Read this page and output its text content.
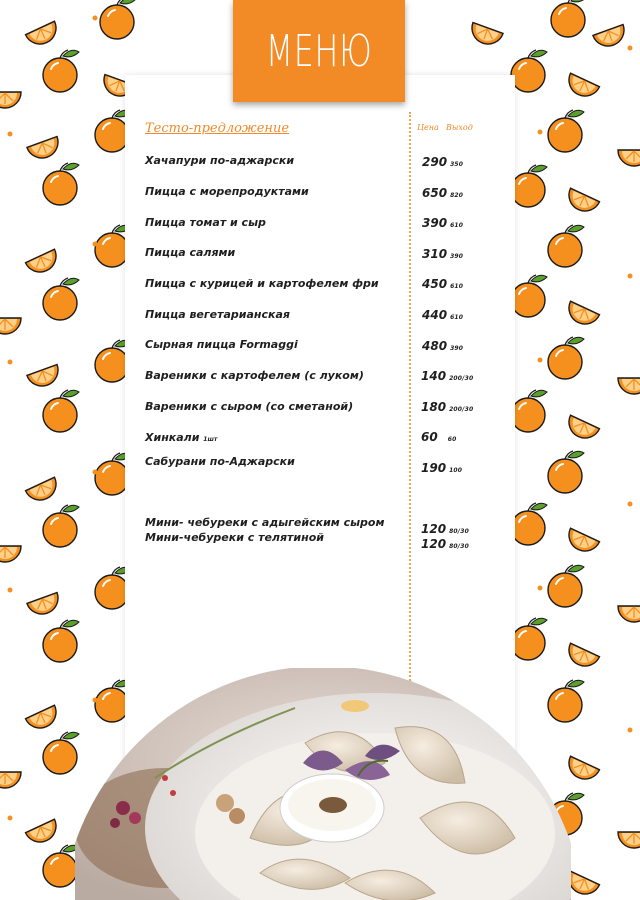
МЕНЮ
Тесто-предложение	Цена Выход
Хачапури по-аджарски	290 350
Пицца с морепродуктами	650 820
Пицца томат и сыр	390 610
Пицца салями	310 390
Пицца с курицей и картофелем фри	450 610
Пицца вегетарианская	440 610
Сырная пицца Formaggi	480 390
Вареники с картофелем (с луком)	140 200/30
Вареники с сыром (со сметаной)	180 200/30
Хинкали 1шт	60 60
Сабурани по-Аджарски	190 100
Мини- чебуреки с адыгейским сыром	120 80/30
Мини-чебуреки с телятиной	120 80/30
